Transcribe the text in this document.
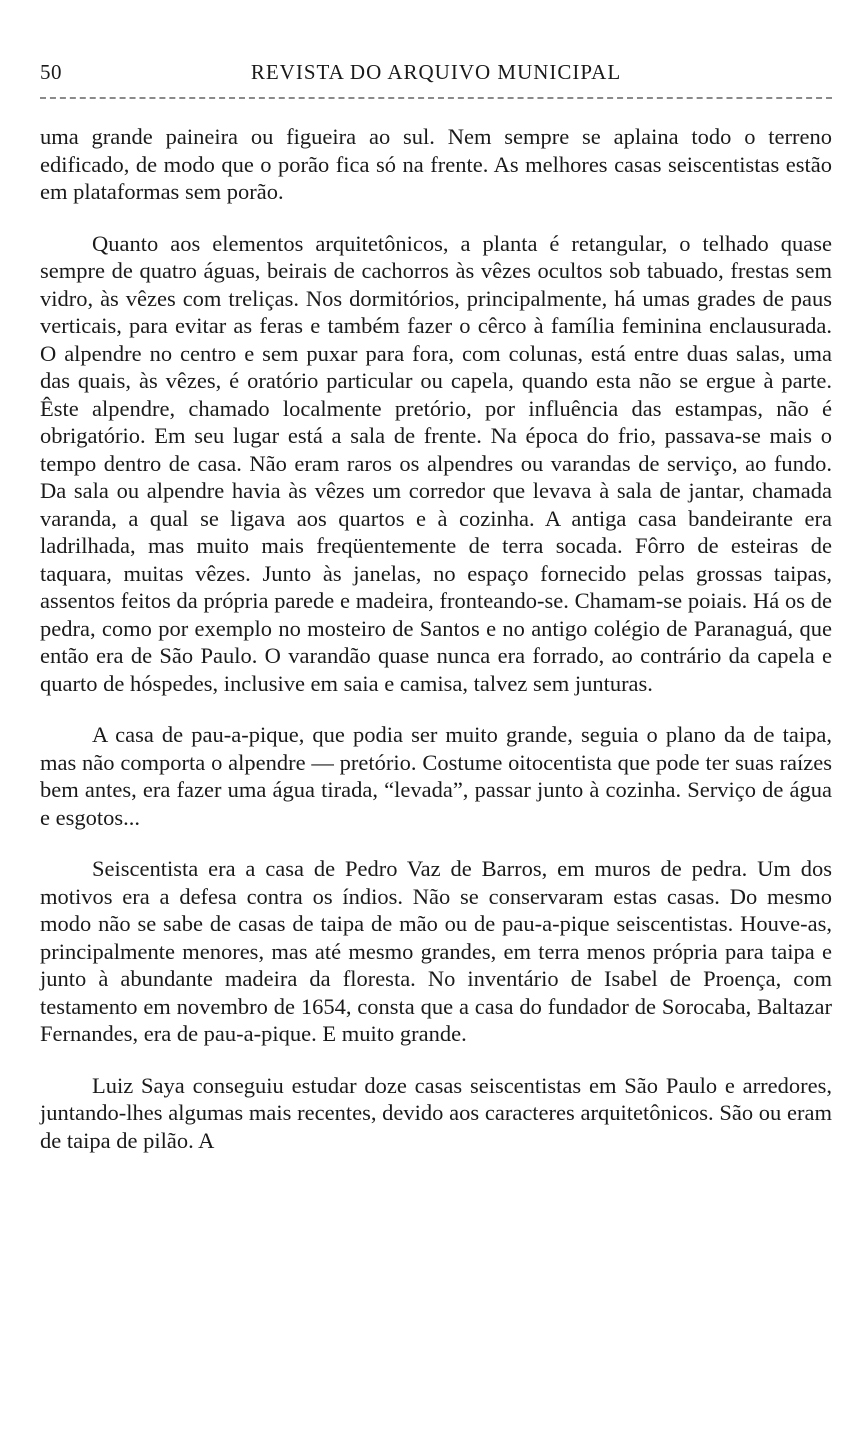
50	REVISTA DO ARQUIVO MUNICIPAL

uma grande paineira ou figueira ao sul. Nem sempre se aplaina todo o terreno edificado, de modo que o porão fica só na frente. As melhores casas seiscentistas estão em plataformas sem porão.

Quanto aos elementos arquitetônicos, a planta é retangular, o telhado quase sempre de quatro águas, beirais de cachorros às vêzes ocultos sob tabuado, frestas sem vidro, às vêzes com treliças. Nos dormitórios, principalmente, há umas grades de paus verticais, para evitar as feras e também fazer o cêrco à família feminina enclausurada. O alpendre no centro e sem puxar para fora, com colunas, está entre duas salas, uma das quais, às vêzes, é oratório particular ou capela, quando esta não se ergue à parte. Êste alpendre, chamado localmente pretório, por influência das estampas, não é obrigatório. Em seu lugar está a sala de frente. Na época do frio, passava-se mais o tempo dentro de casa. Não eram raros os alpendres ou varandas de serviço, ao fundo. Da sala ou alpendre havia às vêzes um corredor que levava à sala de jantar, chamada varanda, a qual se ligava aos quartos e à cozinha. A antiga casa bandeirante era ladrilhada, mas muito mais freqüentemente de terra socada. Fôrro de esteiras de taquara, muitas vêzes. Junto às janelas, no espaço fornecido pelas grossas taipas, assentos feitos da própria parede e madeira, fronteando-se. Chamam-se poiais. Há os de pedra, como por exemplo no mosteiro de Santos e no antigo colégio de Paranaguá, que então era de São Paulo. O varandão quase nunca era forrado, ao contrário da capela e quarto de hóspedes, inclusive em saia e camisa, talvez sem junturas.

A casa de pau-a-pique, que podia ser muito grande, seguia o plano da de taipa, mas não comporta o alpendre — pretório. Costume oitocentista que pode ter suas raízes bem antes, era fazer uma água tirada, “levada”, passar junto à cozinha. Serviço de água e esgotos...

Seiscentista era a casa de Pedro Vaz de Barros, em muros de pedra. Um dos motivos era a defesa contra os índios. Não se conservaram estas casas. Do mesmo modo não se sabe de casas de taipa de mão ou de pau-a-pique seiscentistas. Houve-as, principalmente menores, mas até mesmo grandes, em terra menos própria para taipa e junto à abundante madeira da floresta. No inventário de Isabel de Proença, com testamento em novembro de 1654, consta que a casa do fundador de Sorocaba, Baltazar Fernandes, era de pau-a-pique. E muito grande.

Luiz Saya conseguiu estudar doze casas seiscentistas em São Paulo e arredores, juntando-lhes algumas mais recentes, devido aos caracteres arquitetônicos. São ou eram de taipa de pilão. A
